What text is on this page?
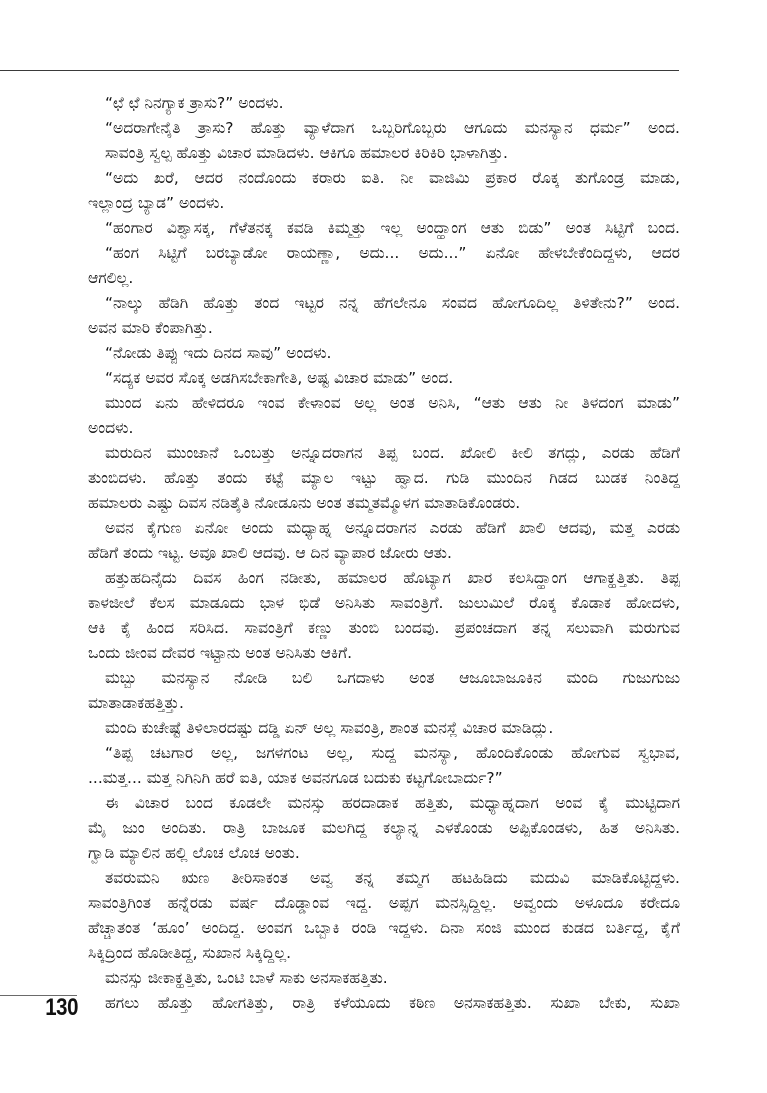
“ಛೆ ಛೆ ನಿನಗ್ಯಾಕ ತ್ರಾಸು?” ಅಂದಳು.
“ಅದರಾಗೇನೈತಿ ತ್ರಾಸು? ಹೊತ್ತು ವ್ಯಾಳೆದಾಗ ಒಬ್ಬರಿಗೊಬ್ಬರು ಆಗೂದು ಮನಸ್ಯಾನ ಧರ್ಮ” ಅಂದ.
ಸಾವಂತ್ರಿ ಸ್ವಲ್ಪ ಹೊತ್ತು ವಿಚಾರ ಮಾಡಿದಳು. ಆಕಿಗೂ ಹಮಾಲರ ಕಿರಿಕಿರಿ ಭಾಳಾಗಿತ್ತು.
“ಅದು ಖರೆ, ಆದರ ನಂದೊಂದು ಕರಾರು ಐತಿ. ನೀ ವಾಜಿಮಿ ಪ್ರಕಾರ ರೊಕ್ಕ ತುಗೊಂಡ್ರ ಮಾಡು,
ಇಲ್ಲಾಂದ್ರ ಬ್ಯಾಡ” ಅಂದಳು.
“ಹಂಗಾರ ವಿಶ್ವಾಸಕ್ಕ, ಗೆಳೆತನಕ್ಕ ಕವಡಿ ಕಿಮ್ಮತ್ತು ಇಲ್ಲ ಅಂದ್ಹಾಂಗ ಆತು ಬಿಡು” ಅಂತ ಸಿಟ್ಟಿಗೆ ಬಂದ.
“ಹಂಗ ಸಿಟ್ಟಿಗೆ ಬರಬ್ಯಾಡೋ ರಾಯಣ್ಣಾ, ಅದು... ಅದು...” ಏನೋ ಹೇಳಬೇಕೆಂದಿದ್ದಳು, ಆದರ
ಆಗಲಿಲ್ಲ.
“ನಾಲ್ಕು ಹೆಡಿಗಿ ಹೊತ್ತು ತಂದ ಇಟ್ಟರ ನನ್ನ ಹೆಗಲೇನೂ ಸಂವದ ಹೋಗೂದಿಲ್ಲ ತಿಳಿತೇನು?” ಅಂದ.
ಅವನ ಮಾರಿ ಕೆಂಪಾಗಿತ್ತು.
“ನೋಡು ತಿಪ್ಪು ಇದು ದಿನದ ಸಾವು” ಅಂದಳು.
“ಸದ್ಯಕ ಅವರ ಸೊಕ್ಕ ಅಡಗಿಸಬೇಕಾಗೇತಿ, ಅಷ್ಟ ವಿಚಾರ ಮಾಡು” ಅಂದ.
ಮುಂದ ಏನು ಹೇಳಿದರೂ ಇಂವ ಕೇಳಾಂವ ಅಲ್ಲ ಅಂತ ಅನಿಸಿ, “ಆತು ಆತು ನೀ ತಿಳದಂಗ ಮಾಡು”
ಅಂದಳು.
ಮರುದಿನ ಮುಂಜಾನೆ ಒಂಬತ್ತು ಅನ್ನೂದರಾಗನ ತಿಪ್ಪ ಬಂದ. ಖೋಲಿ ಕೀಲಿ ತಗದ್ಲು, ಎರಡು ಹೆಡಿಗೆ
ತುಂಬಿದಳು. ಹೊತ್ತು ತಂದು ಕಟ್ಟೆ ಮ್ಯಾಲ ಇಟ್ಟು ಹ್ವಾದ. ಗುಡಿ ಮುಂದಿನ ಗಿಡದ ಬುಡಕ ನಿಂತಿದ್ದ
ಹಮಾಲರು ಎಷ್ಟು ದಿವಸ ನಡಿತೈತಿ ನೋಡೂನು ಅಂತ ತಮ್ಮತಮ್ಮೊಳಗ ಮಾತಾಡಿಕೊಂಡರು.
ಅವನ ಕೈಗುಣ ಏನೋ ಅಂದು ಮಧ್ಯಾಹ್ನ ಅನ್ನೂದರಾಗನ ಎರಡು ಹೆಡಿಗೆ ಖಾಲಿ ಆದವು, ಮತ್ತ ಎರಡು
ಹೆಡಿಗೆ ತಂದು ಇಟ್ಟ. ಅವೂ ಖಾಲಿ ಆದವು. ಆ ದಿನ ವ್ಯಾಪಾರ ಜೋರು ಆತು.
ಹತ್ತುಹದಿನೈದು ದಿವಸ ಹಿಂಗ ನಡೀತು, ಹಮಾಲರ ಹೊಟ್ಯಾಗ ಖಾರ ಕಲಸಿದ್ಹಾಂಗ ಆಗಾಕ್ಹತ್ತಿತು. ತಿಪ್ಪ
ಕಾಳಜೀಲೆ ಕೆಲಸ ಮಾಡೂದು ಭಾಳ ಭಿಡೆ ಅನಿಸಿತು ಸಾವಂತ್ರಿಗೆ. ಜುಲುಮಿಲೆ ರೊಕ್ಕ ಕೊಡಾಕ ಹೋದಳು,
ಆಕಿ ಕೈ ಹಿಂದ ಸರಿಸಿದ. ಸಾವಂತ್ರಿಗೆ ಕಣ್ಣು ತುಂಬಿ ಬಂದವು. ಪ್ರಪಂಚದಾಗ ತನ್ನ ಸಲುವಾಗಿ ಮರುಗುವ
ಒಂದು ಜೀಂವ ದೇವರ ಇಟ್ಟಾನು ಅಂತ ಅನಿಸಿತು ಆಕಿಗೆ.
ಮಬ್ಬು ಮನಸ್ಯಾನ ನೋಡಿ ಬಲಿ ಒಗದಾಳು ಅಂತ ಆಜೂಬಾಜೂಕಿನ ಮಂದಿ ಗುಜುಗುಜು
ಮಾತಾಡಾಕಹತ್ತಿತ್ತು.
ಮಂದಿ ಕುಚೇಷ್ಟೆ ತಿಳಿಲಾರದಷ್ಟು ದಡ್ಡಿ ಏನ್ ಅಲ್ಲ ಸಾವಂತ್ರಿ, ಶಾಂತ ಮನಸ್ಲೆ ವಿಚಾರ ಮಾಡಿದ್ಲು.
“ತಿಪ್ಪ ಚಟಗಾರ ಅಲ್ಲ, ಜಗಳಗಂಟ ಅಲ್ಲ, ಸುದ್ದ ಮನಸ್ಯಾ, ಹೊಂದಿಕೊಂಡು ಹೋಗುವ ಸ್ವಭಾವ,
...ಮತ್ತ... ಮತ್ತ ನಿಗಿನಿಗಿ ಹರೆ ಐತಿ, ಯಾಕ ಅವನಗೂಡ ಬದುಕು ಕಟ್ಟಗೋಬಾರ್ದು?”
ಈ ವಿಚಾರ ಬಂದ ಕೂಡಲೇ ಮನಸ್ಸು ಹರದಾಡಾಕ ಹತ್ತಿತು, ಮಧ್ಯಾಹ್ನದಾಗ ಅಂವ ಕೈ ಮುಟ್ಟಿದಾಗ
ಮೈ ಜುಂ ಅಂದಿತು. ರಾತ್ರಿ ಬಾಜೂಕ ಮಲಗಿದ್ದ ಕಲ್ಯಾನ್ನ ಎಳಕೊಂಡು ಅಪ್ಪಿಕೊಂಡಳು, ಹಿತ ಅನಿಸಿತು.
ಗ್ವಾಡಿ ಮ್ಯಾಲಿನ ಹಲ್ಲಿ ಲೊಚ ಲೊಚ ಅಂತು.
ತವರುಮನಿ ಋಣ ತೀರಿಸಾಕಂತ ಅವ್ವ ತನ್ನ ತಮ್ಮಗ ಹಟಹಿಡಿದು ಮದುವಿ ಮಾಡಿಕೊಟ್ಟಿದ್ದಳು.
ಸಾವಂತ್ರಿಗಿಂತ ಹನ್ನೆರಡು ವರ್ಷ ದೊಡ್ಡಾಂವ ಇದ್ದ. ಅಪ್ಪಗ ಮನಸ್ಸಿದ್ದಿಲ್ಲ. ಅವ್ವಂದು ಅಳೂದೂ ಕರೇದೂ
ಹೆಚ್ಚಾತಂತ ‘ಹೂಂ’ ಅಂದಿದ್ದ. ಅಂವಗ ಒಬ್ಬಾಕಿ ರಂಡಿ ಇದ್ದಳು. ದಿನಾ ಸಂಜಿ ಮುಂದ ಕುಡದ ಬರ್ತಿದ್ದ, ಕೈಗೆ
ಸಿಕ್ಕಿದ್ರಿಂದ ಹೊಡೀತಿದ್ದ, ಸುಖಾನ ಸಿಕ್ಕಿದ್ದಿಲ್ಲ.
ಮನಸ್ಸು ಜೀಕಾಕ್ಹತ್ತಿತು, ಒಂಟಿ ಬಾಳೆ ಸಾಕು ಅನಸಾಕಹತ್ತಿತು.
ಹಗಲು ಹೊತ್ತು ಹೋಗತಿತ್ತು, ರಾತ್ರಿ ಕಳೆಯೂದು ಕಠಿಣ ಅನಸಾಕಹತ್ತಿತು. ಸುಖಾ ಬೇಕು, ಸುಖಾ
130
